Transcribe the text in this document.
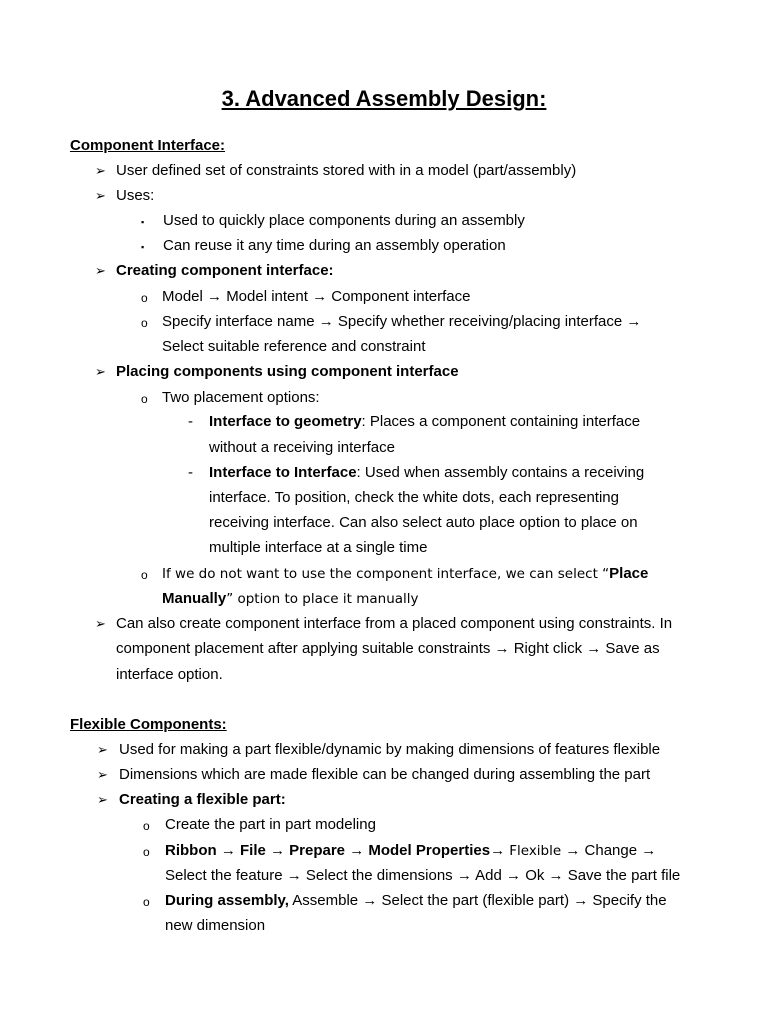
3. Advanced Assembly Design:
Component Interface:
➢ User defined set of constraints stored with in a model (part/assembly)
➢ Uses:
▪ Used to quickly place components during an assembly
▪ Can reuse it any time during an assembly operation
➢ Creating component interface:
o Model → Model intent → Component interface
o Specify interface name → Specify whether receiving/placing interface →
Select suitable reference and constraint
➢ Placing components using component interface
o Two placement options:
- Interface to geometry: Places a component containing interface
without a receiving interface
- Interface to Interface: Used when assembly contains a receiving
interface. To position, check the white dots, each representing
receiving interface. Can also select auto place option to place on
multiple interface at a single time
o If we do not want to use the component interface, we can select “Place
Manually” option to place it manually
➢ Can also create component interface from a placed component using constraints. In
component placement after applying suitable constraints → Right click → Save as
interface option.
Flexible Components:
➢ Used for making a part flexible/dynamic by making dimensions of features flexible
➢ Dimensions which are made flexible can be changed during assembling the part
➢ Creating a flexible part:
o Create the part in part modeling
o Ribbon → File → Prepare → Model Properties→ Flexible → Change →
Select the feature → Select the dimensions → Add → Ok → Save the part file
o During assembly, Assemble → Select the part (flexible part) → Specify the
new dimension
